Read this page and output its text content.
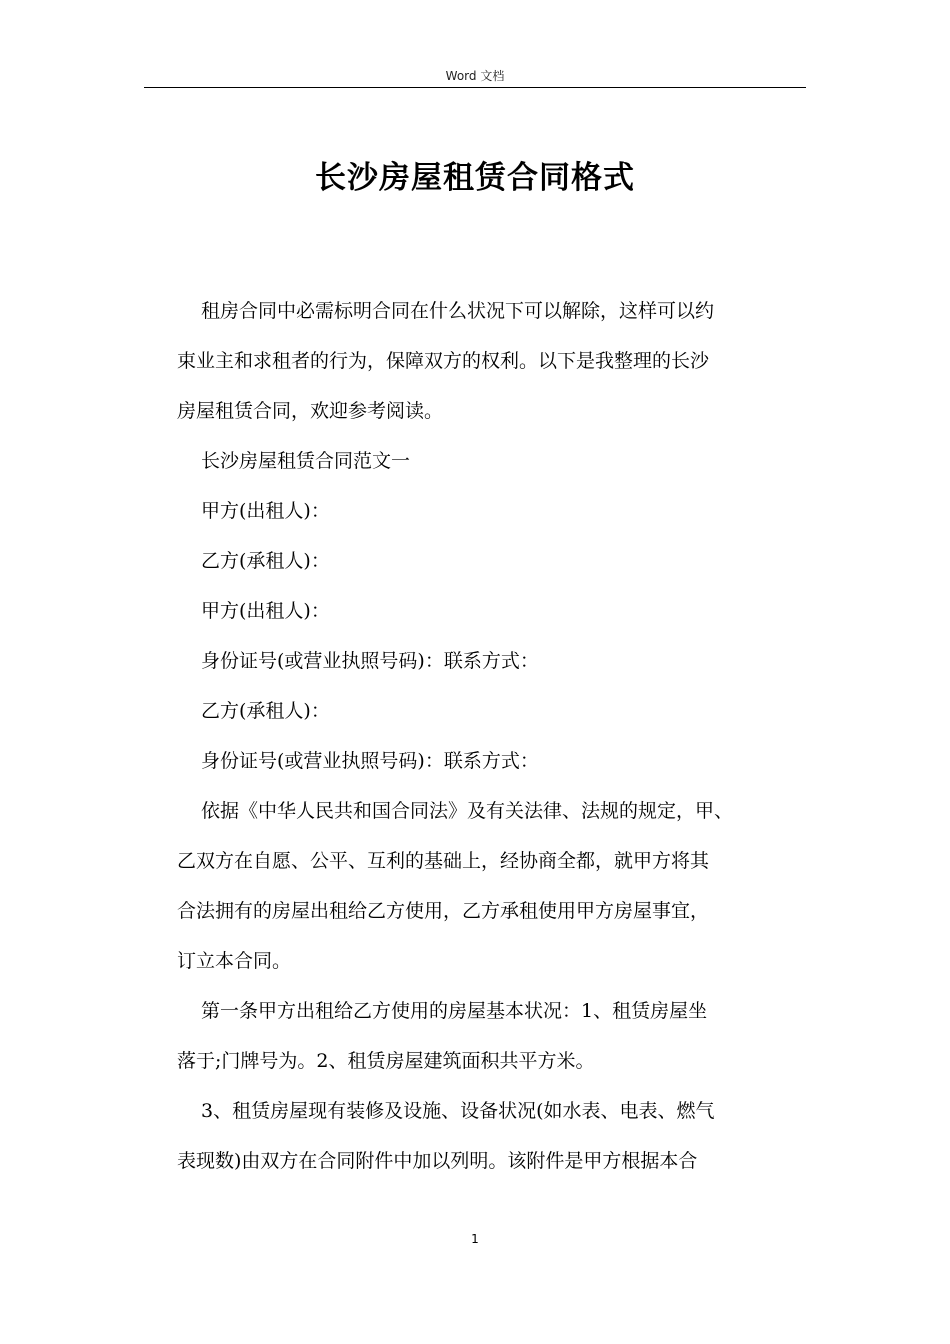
Word 文档
长沙房屋租赁合同格式

租房合同中必需标明合同在什么状况下可以解除，这样可以约
束业主和求租者的行为，保障双方的权利。以下是我整理的长沙
房屋租赁合同，欢迎参考阅读。

长沙房屋租赁合同范文一

甲方(出租人)：

乙方(承租人)：

甲方(出租人)：

身份证号(或营业执照号码)：联系方式：

乙方(承租人)：

身份证号(或营业执照号码)：联系方式：

依据《中华人民共和国合同法》及有关法律、法规的规定，甲、
乙双方在自愿、公平、互利的基础上，经协商全都，就甲方将其
合法拥有的房屋出租给乙方使用，乙方承租使用甲方房屋事宜，
订立本合同。

第一条甲方出租给乙方使用的房屋基本状况：1、租赁房屋坐
落于;门牌号为。2、租赁房屋建筑面积共平方米。

3、租赁房屋现有装修及设施、设备状况(如水表、电表、燃气
表现数)由双方在合同附件中加以列明。该附件是甲方根据本合

1
